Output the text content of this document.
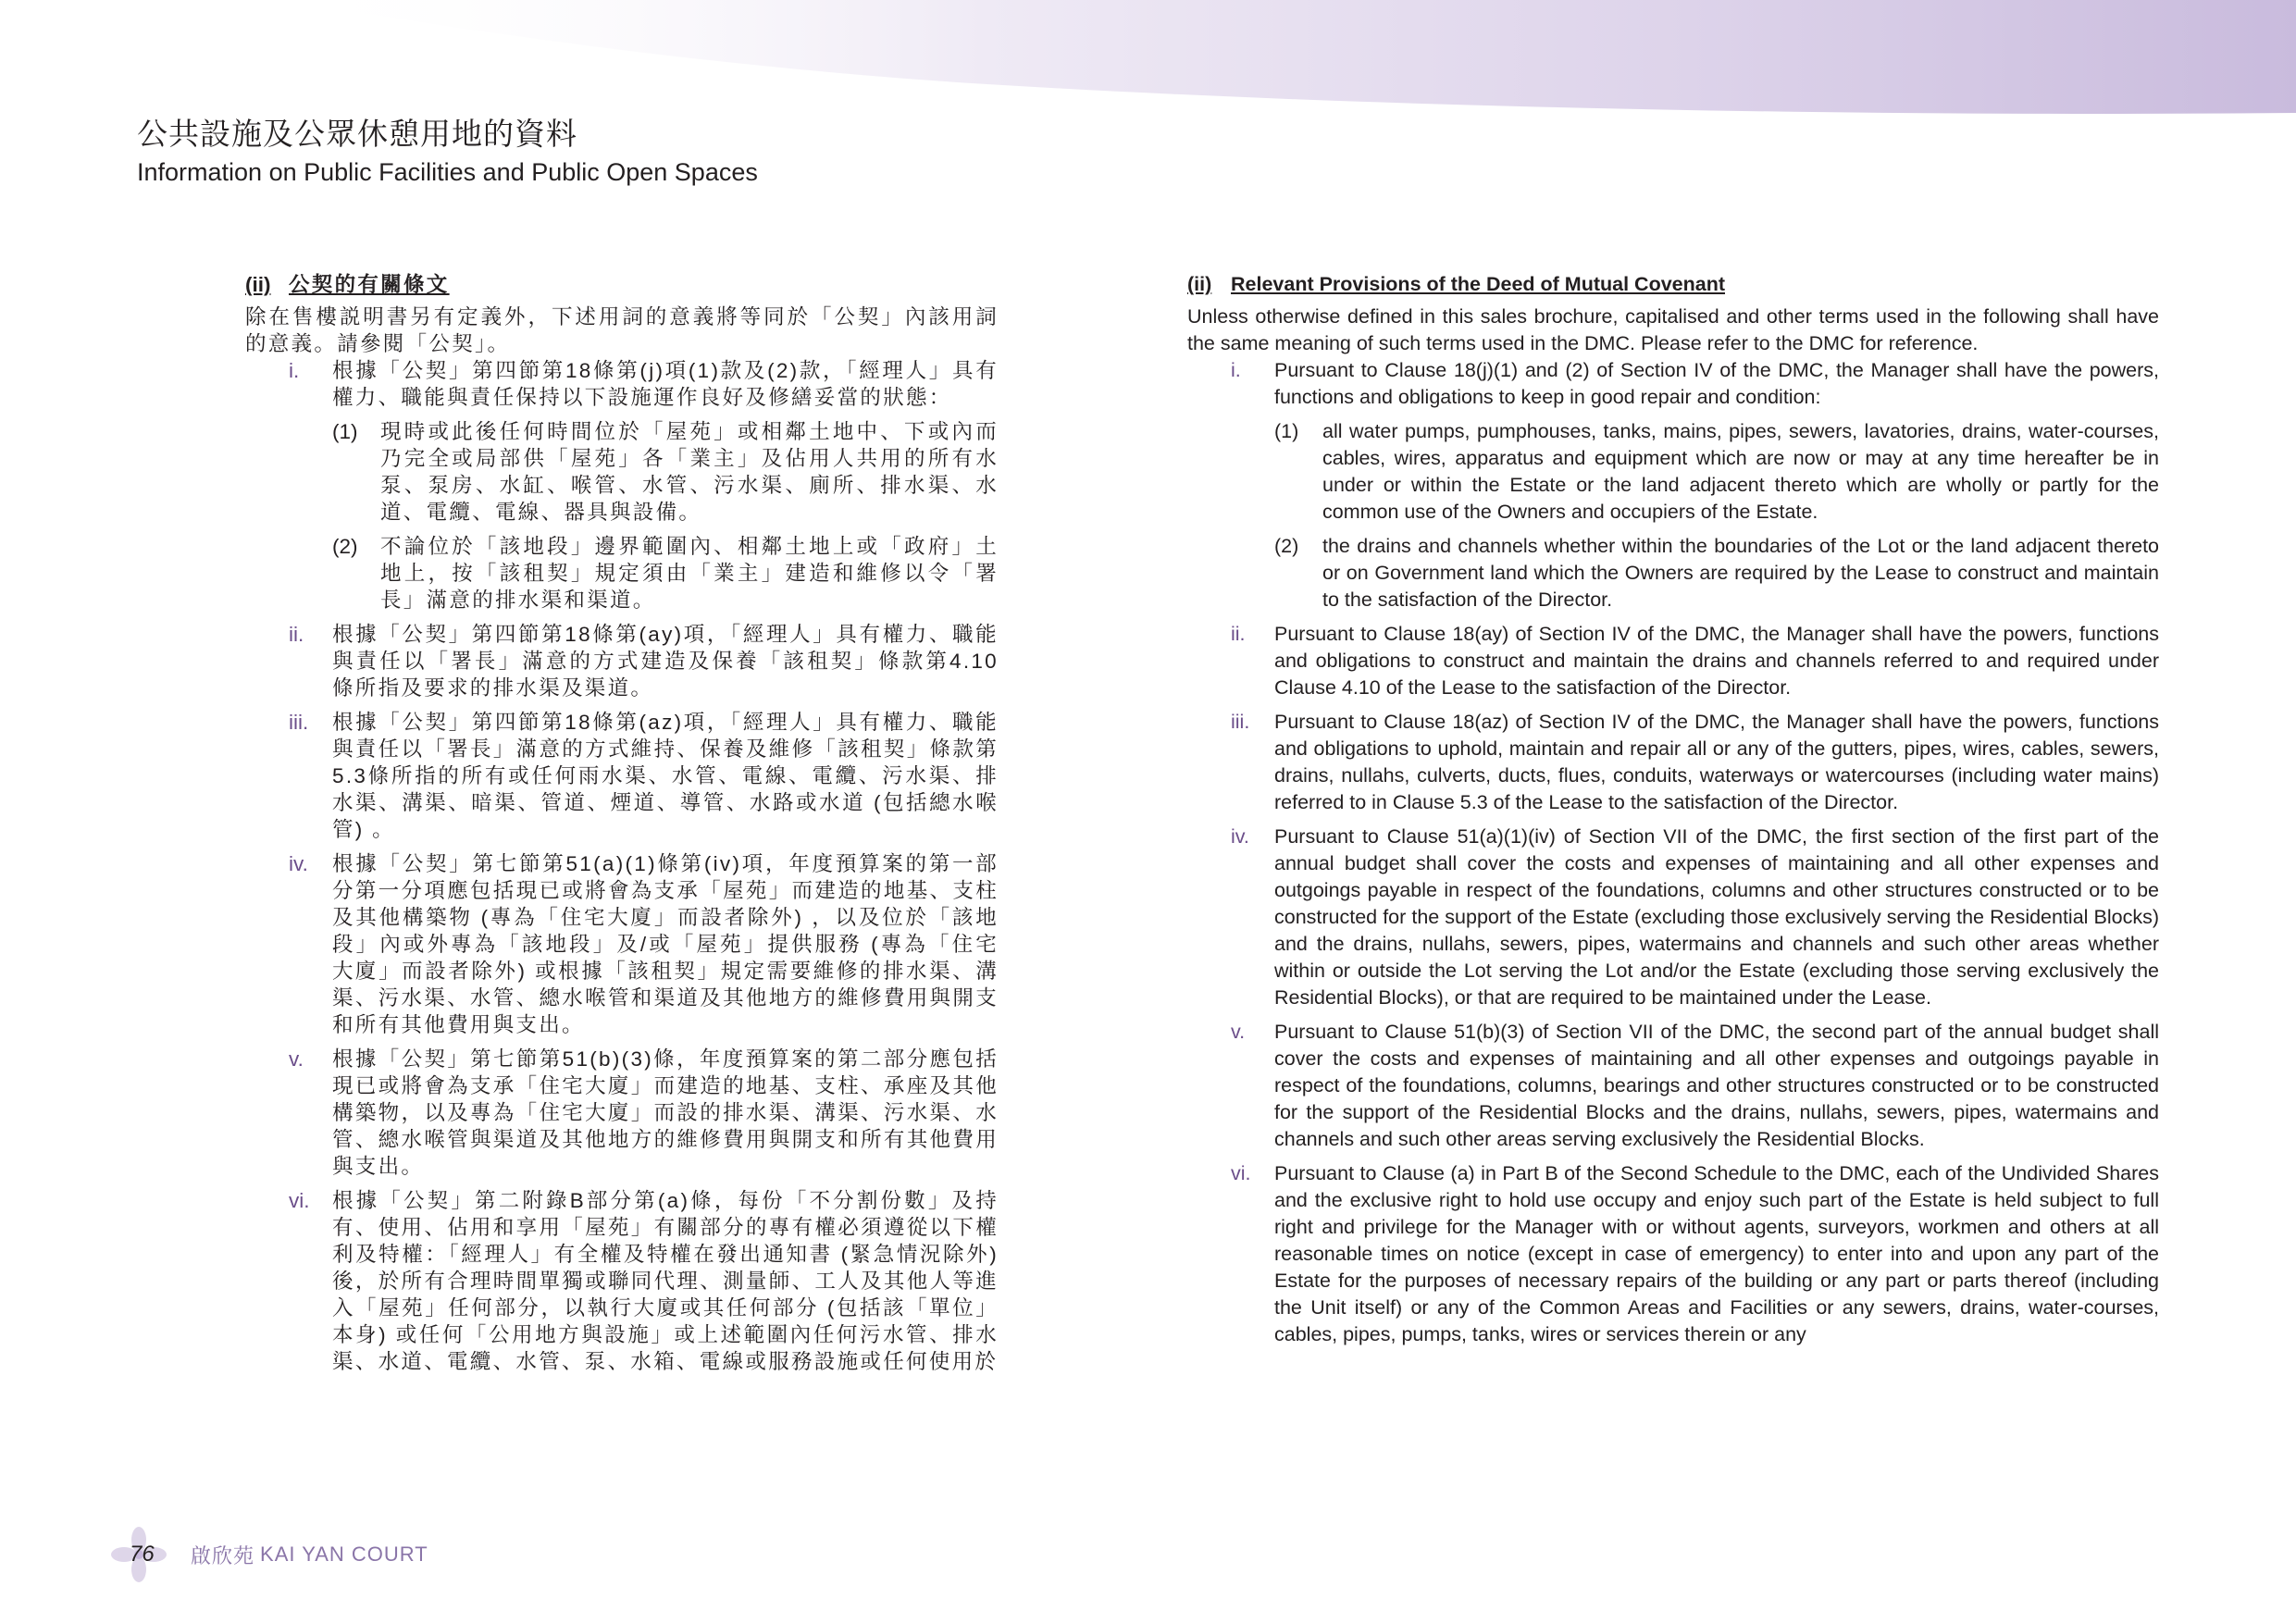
公共設施及公眾休憩用地的資料
Information on Public Facilities and Public Open Spaces
(ii) 公契的有關條文

除在售樓説明書另有定義外，下述用詞的意義將等同於「公契」內該用詞的意義。請參閱「公契」。

i.	根據「公契」第四節第18條第(j)項(1)款及(2)款，「經理人」具有權力、職能與責任保持以下設施運作良好及修繕妥當的狀態：

(1)	現時或此後任何時間位於「屋苑」或相鄰土地中、下或內而乃完全或局部供「屋苑」各「業主」及佔用人共用的所有水泵、泵房、水缸、喉管、水管、污水渠、廁所、排水渠、水道、電纜、電線、器具與設備。

(2)	不論位於「該地段」邊界範圍內、相鄰土地上或「政府」土地上，按「該租契」規定須由「業主」建造和維修以令「署長」滿意的排水渠和渠道。

ii.	根據「公契」第四節第18條第(ay)項，「經理人」具有權力、職能與責任以「署長」滿意的方式建造及保養「該租契」條款第4.10條所指及要求的排水渠及渠道。

iii.	根據「公契」第四節第18條第(az)項，「經理人」具有權力、職能與責任以「署長」滿意的方式維持、保養及維修「該租契」條款第5.3條所指的所有或任何雨水渠、水管、電線、電纜、污水渠、排水渠、溝渠、暗渠、管道、煙道、導管、水路或水道 (包括總水喉管) 。

iv.	根據「公契」第七節第51(a)(1)條第(iv)項，年度預算案的第一部分第一分項應包括現已或將會為支承「屋苑」而建造的地基、支柱及其他構築物 (專為「住宅大廈」而設者除外) ，以及位於「該地段」內或外專為「該地段」及/或「屋苑」提供服務 (專為「住宅大廈」而設者除外) 或根據「該租契」規定需要維修的排水渠、溝渠、污水渠、水管、總水喉管和渠道及其他地方的維修費用與開支和所有其他費用與支出。

v.	根據「公契」第七節第51(b)(3)條，年度預算案的第二部分應包括現已或將會為支承「住宅大廈」而建造的地基、支柱、承座及其他構築物，以及專為「住宅大廈」而設的排水渠、溝渠、污水渠、水管、總水喉管與渠道及其他地方的維修費用與開支和所有其他費用與支出。

vi.	根據「公契」第二附錄B部分第(a)條，每份「不分割份數」及持有、使用、佔用和享用「屋苑」有關部分的專有權必須遵從以下權利及特權：「經理人」有全權及特權在發出通知書 (緊急情況除外) 後，於所有合理時間單獨或聯同代理、測量師、工人及其他人等進入「屋苑」任何部分，以執行大廈或其任何部分 (包括該「單位」本身) 或任何「公用地方與設施」或上述範圍內任何污水管、排水渠、水道、電纜、水管、泵、水箱、電線或服務設施或任何使用於

(ii) Relevant Provisions of the Deed of Mutual Covenant

Unless otherwise defined in this sales brochure, capitalised and other terms used in the following shall have the same meaning of such terms used in the DMC. Please refer to the DMC for reference.

i.	Pursuant to Clause 18(j)(1) and (2) of Section IV of the DMC, the Manager shall have the powers, functions and obligations to keep in good repair and condition:

(1)	all water pumps, pumphouses, tanks, mains, pipes, sewers, lavatories, drains, water-courses, cables, wires, apparatus and equipment which are now or may at any time hereafter be in under or within the Estate or the land adjacent thereto which are wholly or partly for the common use of the Owners and occupiers of the Estate.

(2)	the drains and channels whether within the boundaries of the Lot or the land adjacent thereto or on Government land which the Owners are required by the Lease to construct and maintain to the satisfaction of the Director.

ii.	Pursuant to Clause 18(ay) of Section IV of the DMC, the Manager shall have the powers, functions and obligations to construct and maintain the drains and channels referred to and required under Clause 4.10 of the Lease to the satisfaction of the Director.

iii.	Pursuant to Clause 18(az) of Section IV of the DMC, the Manager shall have the powers, functions and obligations to uphold, maintain and repair all or any of the gutters, pipes, wires, cables, sewers, drains, nullahs, culverts, ducts, flues, conduits, waterways or watercourses (including water mains) referred to in Clause 5.3 of the Lease to the satisfaction of the Director.

iv.	Pursuant to Clause 51(a)(1)(iv) of Section VII of the DMC, the first section of the first part of the annual budget shall cover the costs and expenses of maintaining and all other expenses and outgoings payable in respect of the foundations, columns and other structures constructed or to be constructed for the support of the Estate (excluding those exclusively serving the Residential Blocks) and the drains, nullahs, sewers, pipes, watermains and channels and such other areas whether within or outside the Lot serving the Lot and/or the Estate (excluding those serving exclusively the Residential Blocks), or that are required to be maintained under the Lease.

v.	Pursuant to Clause 51(b)(3) of Section VII of the DMC, the second part of the annual budget shall cover the costs and expenses of maintaining and all other expenses and outgoings payable in respect of the foundations, columns, bearings and other structures constructed or to be constructed for the support of the Residential Blocks and the drains, nullahs, sewers, pipes, watermains and channels and such other areas serving exclusively the Residential Blocks.

vi.	Pursuant to Clause (a) in Part B of the Second Schedule to the DMC, each of the Undivided Shares and the exclusive right to hold use occupy and enjoy such part of the Estate is held subject to full right and privilege for the Manager with or without agents, surveyors, workmen and others at all reasonable times on notice (except in case of emergency) to enter into and upon any part of the Estate for the purposes of necessary repairs of the building or any part or parts thereof (including the Unit itself) or any of the Common Areas and Facilities or any sewers, drains, water-courses, cables, pipes, pumps, tanks, wires or services therein or any

76	啟欣苑 KAI YAN COURT
